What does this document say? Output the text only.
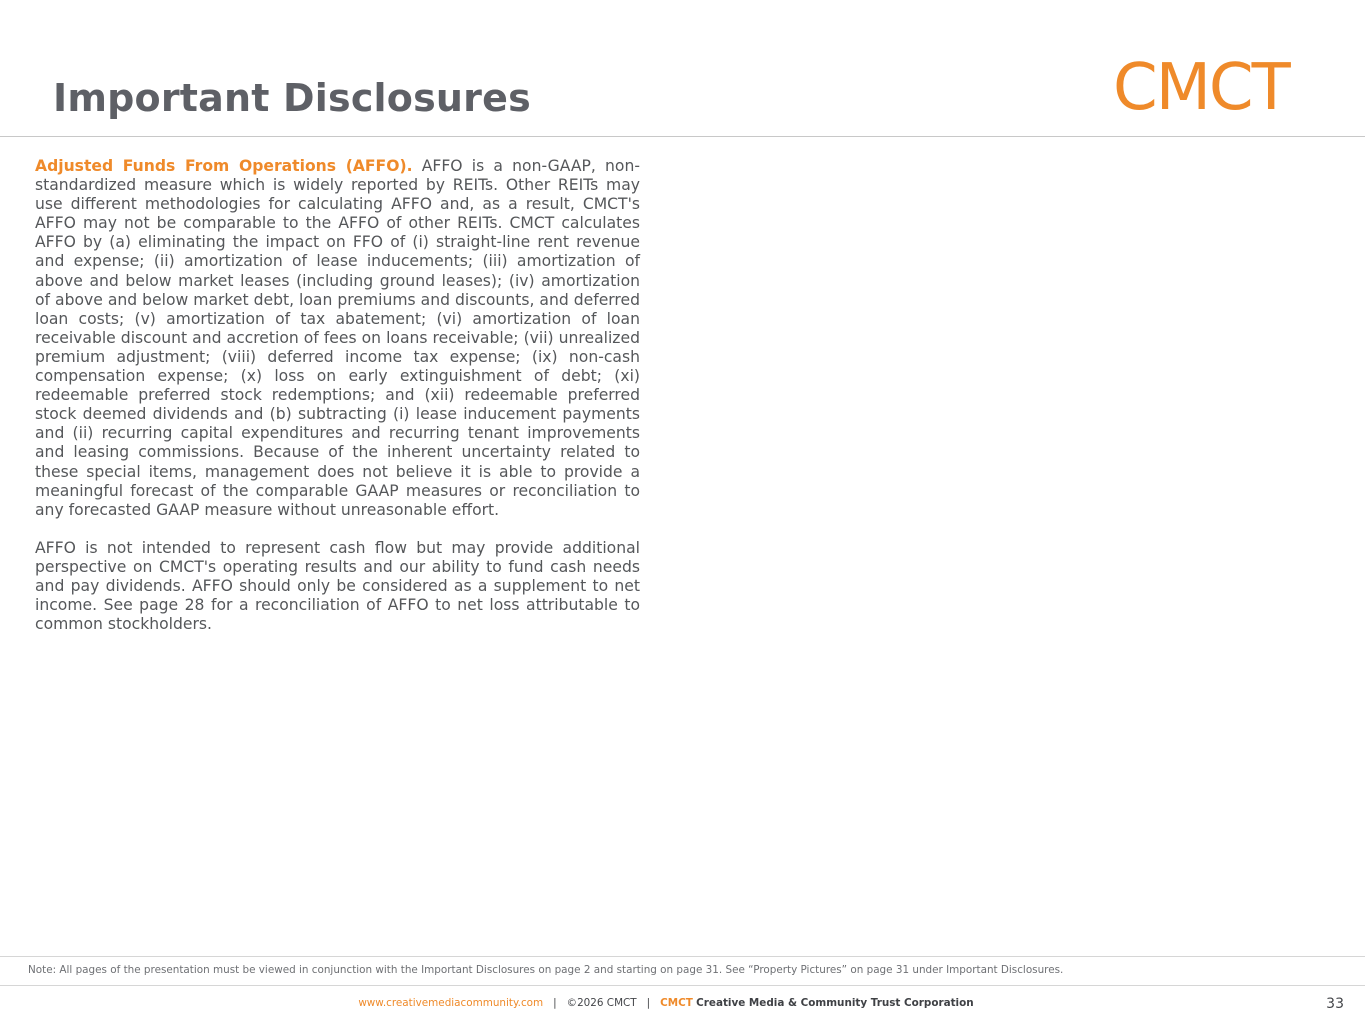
Important Disclosures	CMCT

Adjusted Funds From Operations (AFFO). AFFO is a non-GAAP, non-standardized measure which is widely reported by REITs. Other REITs may use different methodologies for calculating AFFO and, as a result, CMCT's AFFO may not be comparable to the AFFO of other REITs. CMCT calculates AFFO by (a) eliminating the impact on FFO of (i) straight-line rent revenue and expense; (ii) amortization of lease inducements; (iii) amortization of above and below market leases (including ground leases); (iv) amortization of above and below market debt, loan premiums and discounts, and deferred loan costs; (v) amortization of tax abatement; (vi) amortization of loan receivable discount and accretion of fees on loans receivable; (vii) unrealized premium adjustment; (viii) deferred income tax expense; (ix) non-cash compensation expense; (x) loss on early extinguishment of debt; (xi) redeemable preferred stock redemptions; and (xii) redeemable preferred stock deemed dividends and (b) subtracting (i) lease inducement payments and (ii) recurring capital expenditures and recurring tenant improvements and leasing commissions. Because of the inherent uncertainty related to these special items, management does not believe it is able to provide a meaningful forecast of the comparable GAAP measures or reconciliation to any forecasted GAAP measure without unreasonable effort.

AFFO is not intended to represent cash flow but may provide additional perspective on CMCT's operating results and our ability to fund cash needs and pay dividends. AFFO should only be considered as a supplement to net income. See page 28 for a reconciliation of AFFO to net loss attributable to common stockholders.

Note: All pages of the presentation must be viewed in conjunction with the Important Disclosures on page 2 and starting on page 31. See “Property Pictures” on page 31 under Important Disclosures.
www.creativemediacommunity.com | ©2026 CMCT | CMCT Creative Media & Community Trust Corporation	33
